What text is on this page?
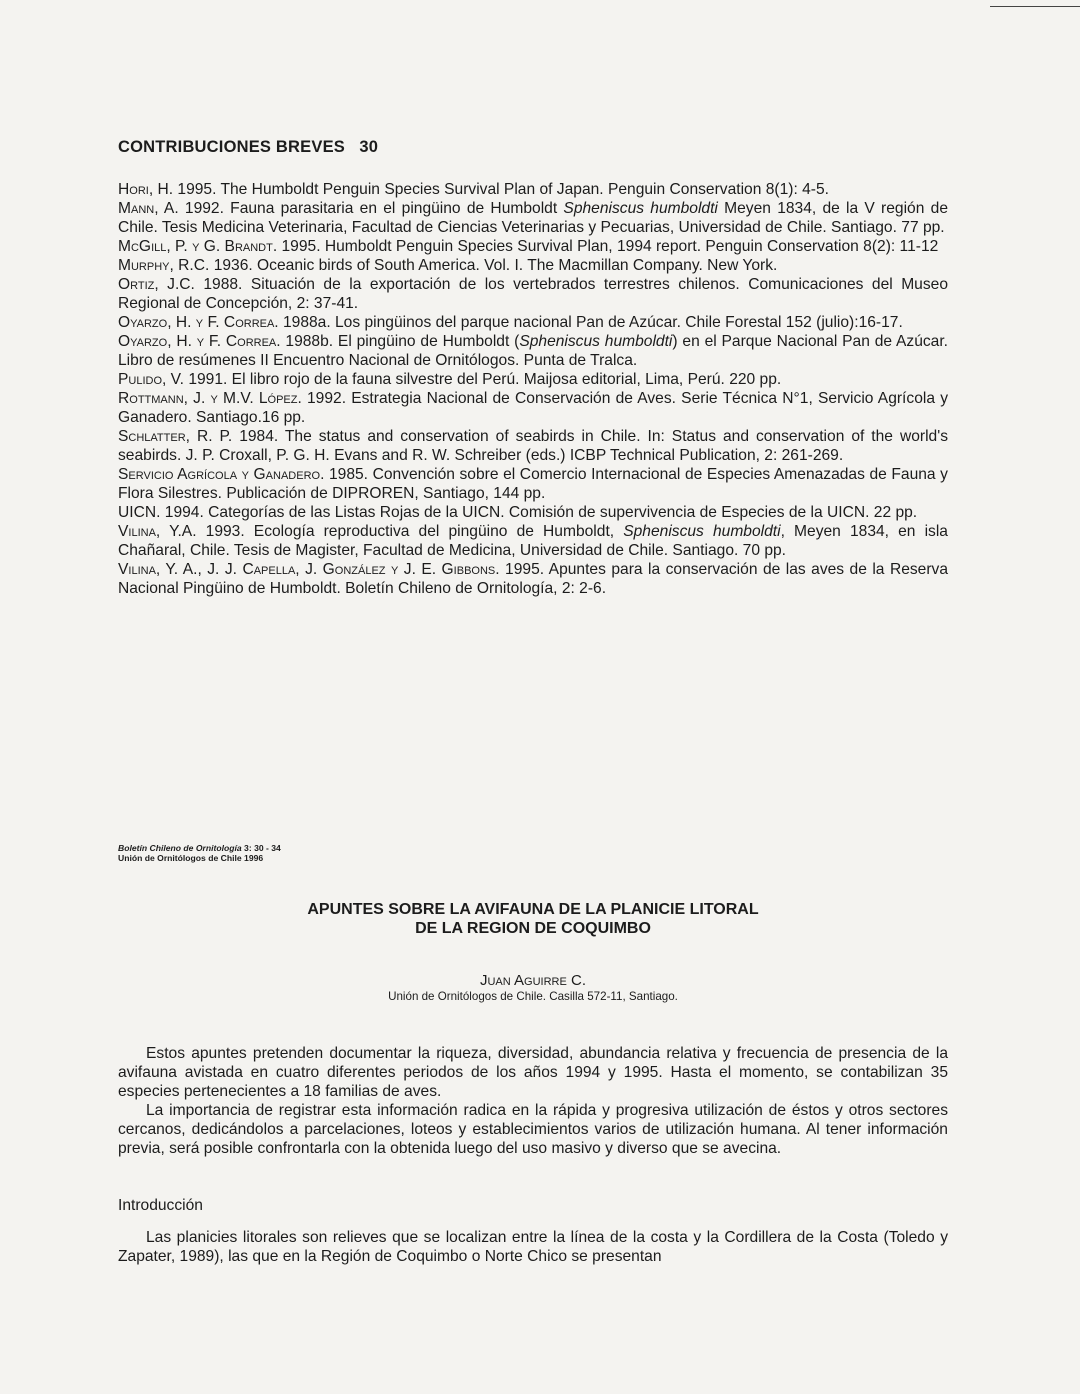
CONTRIBUCIONES BREVES 30

Hori, H. 1995. The Humboldt Penguin Species Survival Plan of Japan. Penguin Conservation 8(1): 4-5.

Mann, A. 1992. Fauna parasitaria en el pingüino de Humboldt Spheniscus humboldti Meyen 1834, de la V región de Chile. Tesis Medicina Veterinaria, Facultad de Ciencias Veterinarias y Pecuarias, Universidad de Chile. Santiago. 77 pp.

McGill, P. y G. Brandt. 1995. Humboldt Penguin Species Survival Plan, 1994 report. Penguin Conservation 8(2): 11-12

Murphy, R.C. 1936. Oceanic birds of South America. Vol. I. The Macmillan Company. New York.

Ortiz, J.C. 1988. Situación de la exportación de los vertebrados terrestres chilenos. Comunicaciones del Museo Regional de Concepción, 2: 37-41.

Oyarzo, H. y F. Correa. 1988a. Los pingüinos del parque nacional Pan de Azúcar. Chile Forestal 152 (julio):16-17.

Oyarzo, H. y F. Correa. 1988b. El pingüino de Humboldt (Spheniscus humboldti) en el Parque Nacional Pan de Azúcar. Libro de resúmenes II Encuentro Nacional de Ornitólogos. Punta de Tralca.

Pulido, V. 1991. El libro rojo de la fauna silvestre del Perú. Maijosa editorial, Lima, Perú. 220 pp.

Rottmann, J. y M.V. López. 1992. Estrategia Nacional de Conservación de Aves. Serie Técnica N°1, Servicio Agrícola y Ganadero. Santiago.16 pp.

Schlatter, R. P. 1984. The status and conservation of seabirds in Chile. In: Status and conservation of the world's seabirds. J. P. Croxall, P. G. H. Evans and R. W. Schreiber (eds.) ICBP Technical Publication, 2: 261-269.

Servicio Agrícola y Ganadero. 1985. Convención sobre el Comercio Internacional de Especies Amenazadas de Fauna y Flora Silestres. Publicación de DIPROREN, Santiago, 144 pp.

UICN. 1994. Categorías de las Listas Rojas de la UICN. Comisión de supervivencia de Especies de la UICN. 22 pp.

Vilina, Y.A. 1993. Ecología reproductiva del pingüino de Humboldt, Spheniscus humboldti, Meyen 1834, en isla Chañaral, Chile. Tesis de Magister, Facultad de Medicina, Universidad de Chile. Santiago. 70 pp.

Vilina, Y. A., J. J. Capella, J. González y J. E. Gibbons. 1995. Apuntes para la conservación de las aves de la Reserva Nacional Pingüino de Humboldt. Boletín Chileno de Ornitología, 2: 2-6.

Boletín Chileno de Ornitología 3: 30 - 34
Unión de Ornitólogos de Chile 1996
APUNTES SOBRE LA AVIFAUNA DE LA PLANICIE LITORAL
DE LA REGION DE COQUIMBO
Juan Aguirre C.
Unión de Ornitólogos de Chile. Casilla 572-11, Santiago.

Estos apuntes pretenden documentar la riqueza, diversidad, abundancia relativa y frecuencia de presencia de la avifauna avistada en cuatro diferentes periodos de los años 1994 y 1995. Hasta el momento, se contabilizan 35 especies pertenecientes a 18 familias de aves.

La importancia de registrar esta información radica en la rápida y progresiva utilización de éstos y otros sectores cercanos, dedicándolos a parcelaciones, loteos y establecimientos varios de utilización humana. Al tener información previa, será posible confrontarla con la obtenida luego del uso masivo y diverso que se avecina.

Introducción

Las planicies litorales son relieves que se localizan entre la línea de la costa y la Cordillera de la Costa (Toledo y Zapater, 1989), las que en la Región de Coquimbo o Norte Chico se presentan
